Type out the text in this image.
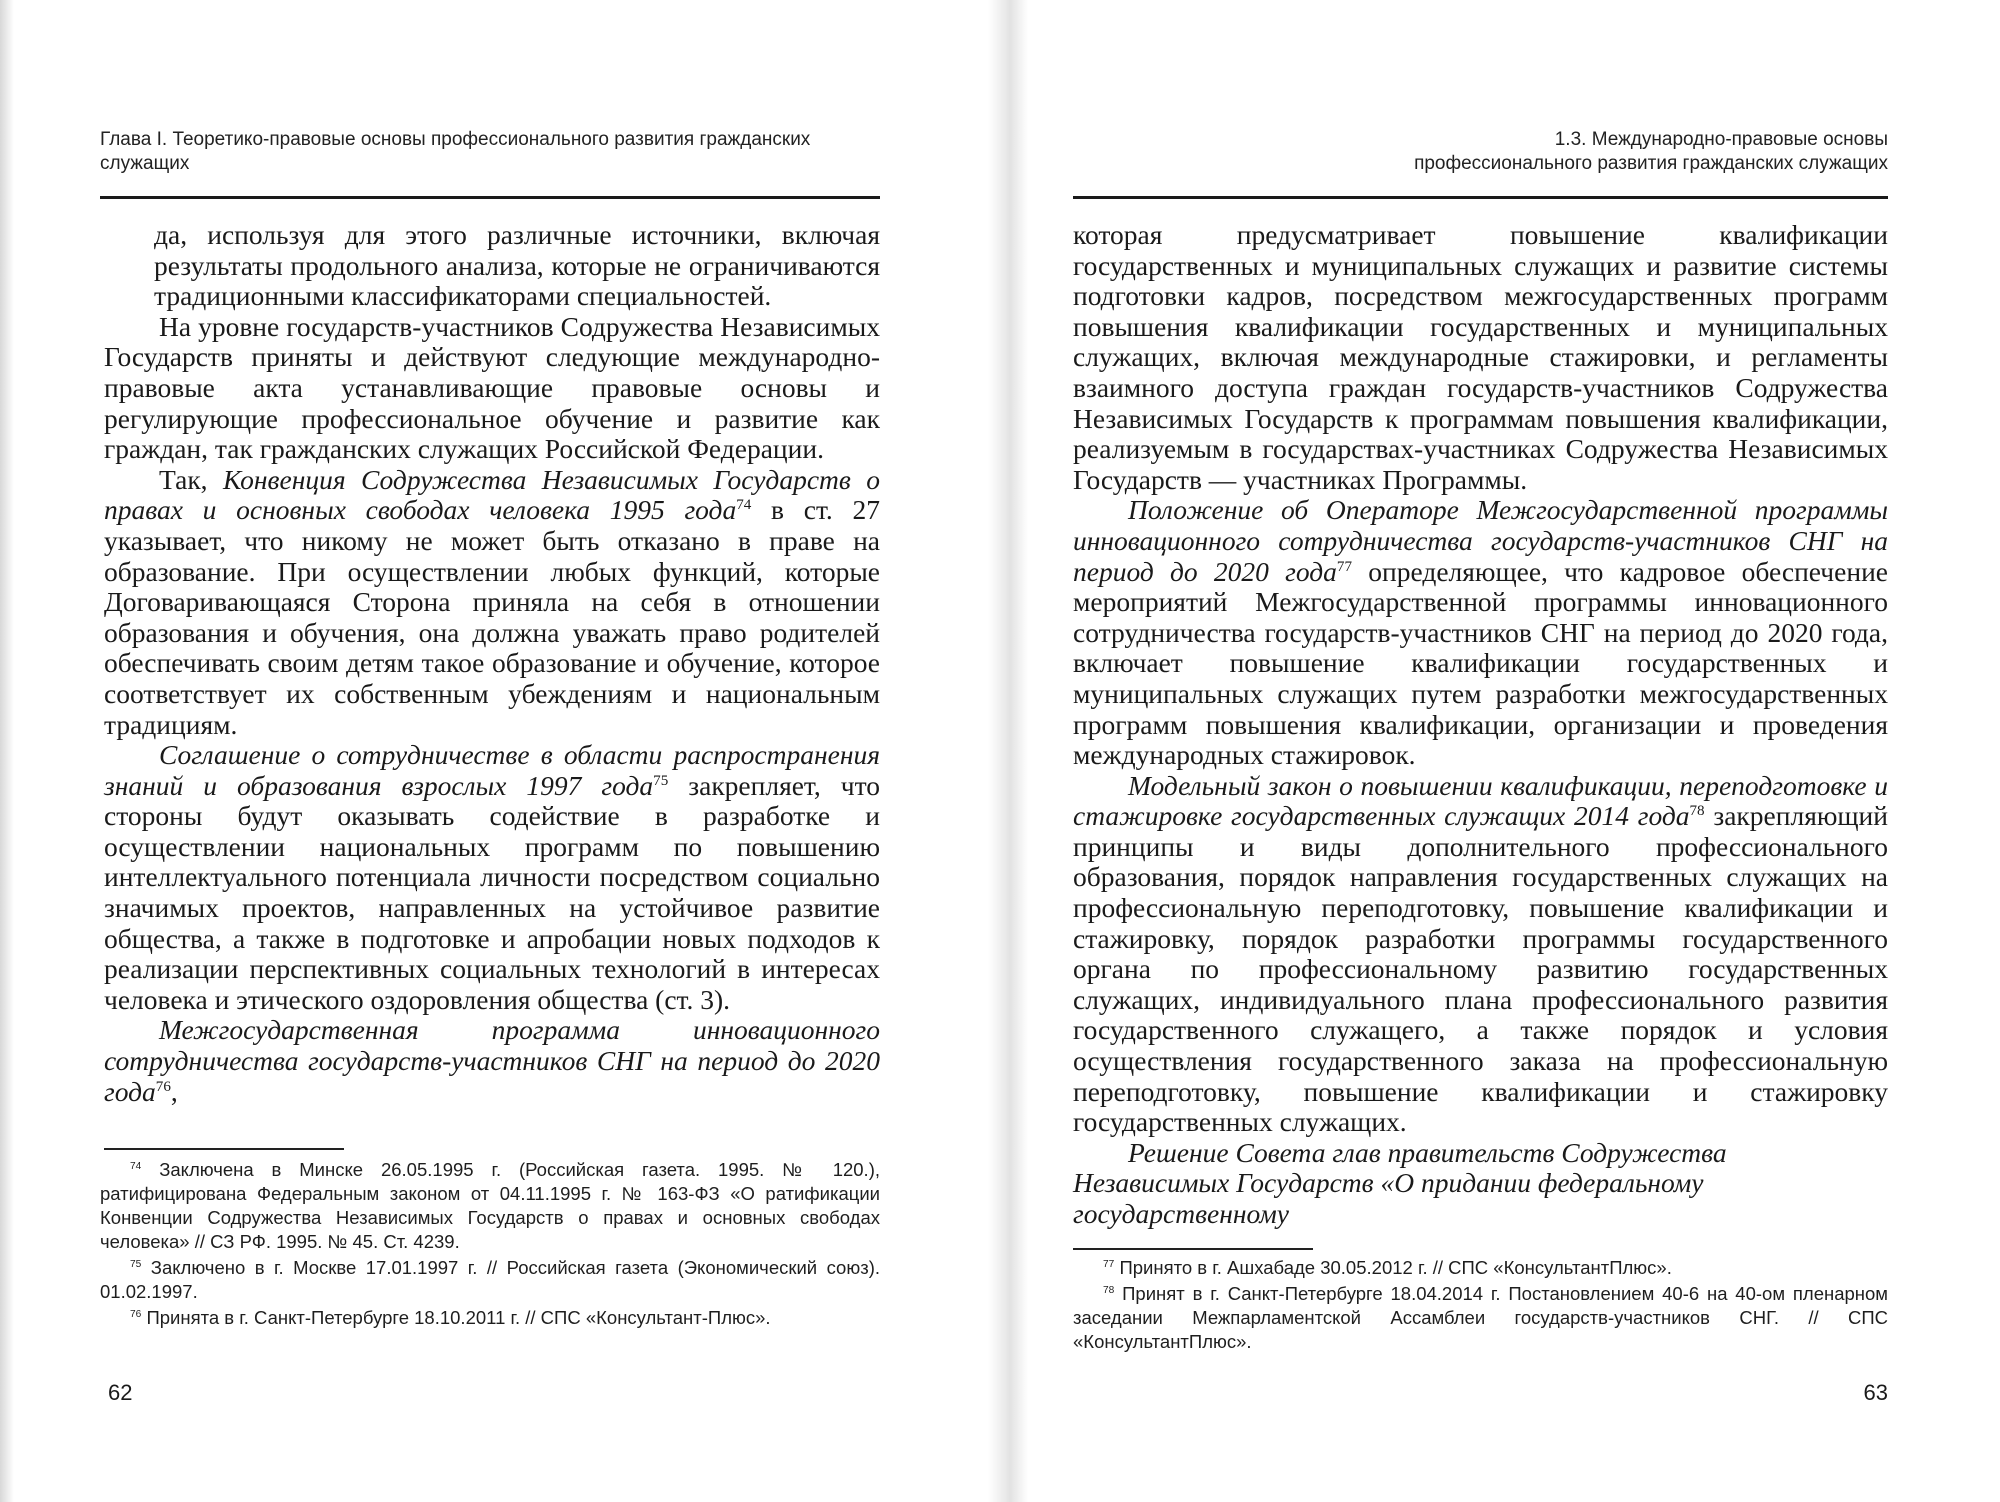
Глава I. Теоретико-правовые основы профессионального развития гражданских служащих

да, используя для этого различные источники, включая результаты продольного анализа, которые не ограничиваются традиционными классификаторами специальностей.

На уровне государств-участников Содружества Независимых Государств приняты и действуют следующие международно-правовые акта устанавливающие правовые основы и регулирующие профессиональное обучение и развитие как граждан, так гражданских служащих Российской Федерации.

Так, Конвенция Содружества Независимых Государств о правах и основных свободах человека 1995 года$^{74}$ в ст. 27 указывает, что никому не может быть отказано в праве на образование. При осуществлении любых функций, которые Договаривающаяся Сторона приняла на себя в отношении образования и обучения, она должна уважать право родителей обеспечивать своим детям такое образование и обучение, которое соответствует их собственным убеждениям и национальным традициям.

Соглашение о сотрудничестве в области распространения знаний и образования взрослых 1997 года$^{75}$ закрепляет, что стороны будут оказывать содействие в разработке и осуществлении национальных программ по повышению интеллектуального потенциала личности посредством социально значимых проектов, направленных на устойчивое развитие общества, а также в подготовке и апробации новых подходов к реализации перспективных социальных технологий в интересах человека и этического оздоровления общества (ст. 3).

Межгосударственная программа инновационного сотрудничества государств-участников СНГ на период до 2020 года$^{76}$,

$^{74}$ Заключена в Минске 26.05.1995 г. (Российская газета. 1995. № 120.), ратифицирована Федеральным законом от 04.11.1995 г. № 163-ФЗ «О ратификации Конвенции Содружества Независимых Государств о правах и основных свободах человека» // СЗ РФ. 1995. № 45. Ст. 4239.

$^{75}$ Заключено в г. Москве 17.01.1997 г. // Российская газета (Экономический союз). 01.02.1997.

$^{76}$ Принята в г. Санкт-Петербурге 18.10.2011 г. // СПС «Консультант-Плюс».

62
1.3. Международно-правовые основы
профессионального развития гражданских служащих

которая предусматривает повышение квалификации государственных и муниципальных служащих и развитие системы подготовки кадров, посредством межгосударственных программ повышения квалификации государственных и муниципальных служащих, включая международные стажировки, и регламенты взаимного доступа граждан государств-участников Содружества Независимых Государств к программам повышения квалификации, реализуемым в государствах-участниках Содружества Независимых Государств — участниках Программы.

Положение об Операторе Межгосударственной программы инновационного сотрудничества государств-участников СНГ на период до 2020 года$^{77}$ определяющее, что кадровое обеспечение мероприятий Межгосударственной программы инновационного сотрудничества государств-участников СНГ на период до 2020 года, включает повышение квалификации государственных и муниципальных служащих путем разработки межгосударственных программ повышения квалификации, организации и проведения международных стажировок.

Модельный закон о повышении квалификации, переподготовке и стажировке государственных служащих 2014 года$^{78}$ закрепляющий принципы и виды дополнительного профессионального образования, порядок направления государственных служащих на профессиональную переподготовку, повышение квалификации и стажировку, порядок разработки программы государственного органа по профессиональному развитию государственных служащих, индивидуального плана профессионального развития государственного служащего, а также порядок и условия осуществления государственного заказа на профессиональную переподготовку, повышение квалификации и стажировку государственных служащих.

Решение Совета глав правительств Содружества Независимых Государств «О придании федеральному государственному

$^{77}$ Принято в г. Ашхабаде 30.05.2012 г. // СПС «КонсультантПлюс».

$^{78}$ Принят в г. Санкт-Петербурге 18.04.2014 г. Постановлением 40-6 на 40-ом пленарном заседании Межпарламентской Ассамблеи государств-участников СНГ. // СПС «КонсультантПлюс».

63
